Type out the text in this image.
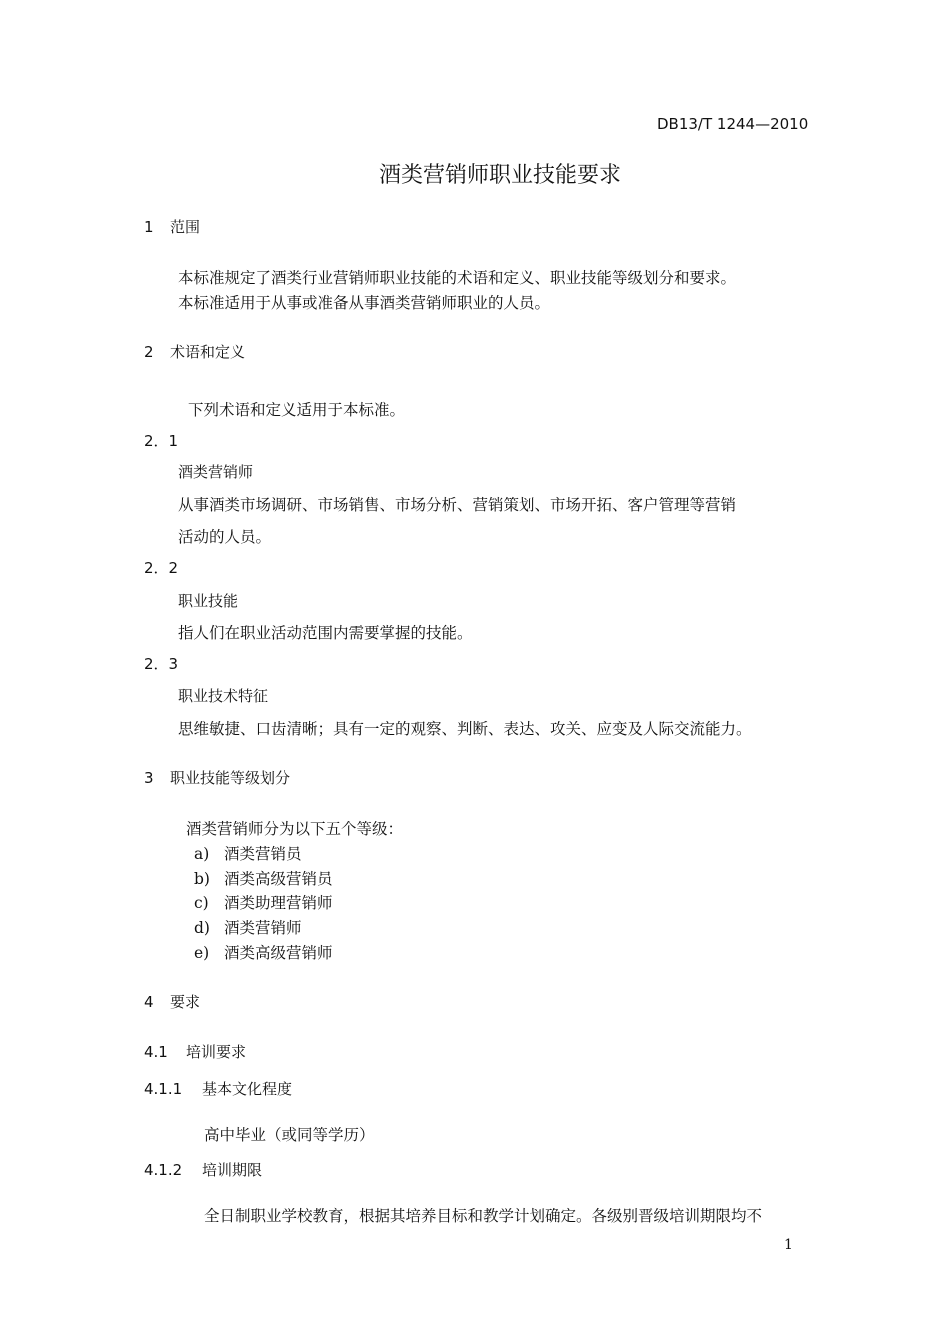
DB13/T 1244—2010
酒类营销师职业技能要求
1 范围
本标准规定了酒类行业营销师职业技能的术语和定义、职业技能等级划分和要求。
本标准适用于从事或准备从事酒类营销师职业的人员。
2 术语和定义
下列术语和定义适用于本标准。
2．1
酒类营销师
从事酒类市场调研、市场销售、市场分析、营销策划、市场开拓、客户管理等营销
活动的人员。
2．2
职业技能
指人们在职业活动范围内需要掌握的技能。
2．3
职业技术特征
思维敏捷、口齿清晰；具有一定的观察、判断、表达、攻关、应变及人际交流能力。
3 职业技能等级划分
酒类营销师分为以下五个等级：
a) 酒类营销员
b) 酒类高级营销员
c) 酒类助理营销师
d) 酒类营销师
e) 酒类高级营销师
4 要求
4.1 培训要求
4.1.1 基本文化程度
高中毕业（或同等学历）
4.1.2 培训期限
全日制职业学校教育，根据其培养目标和教学计划确定。各级别晋级培训期限均不
1
